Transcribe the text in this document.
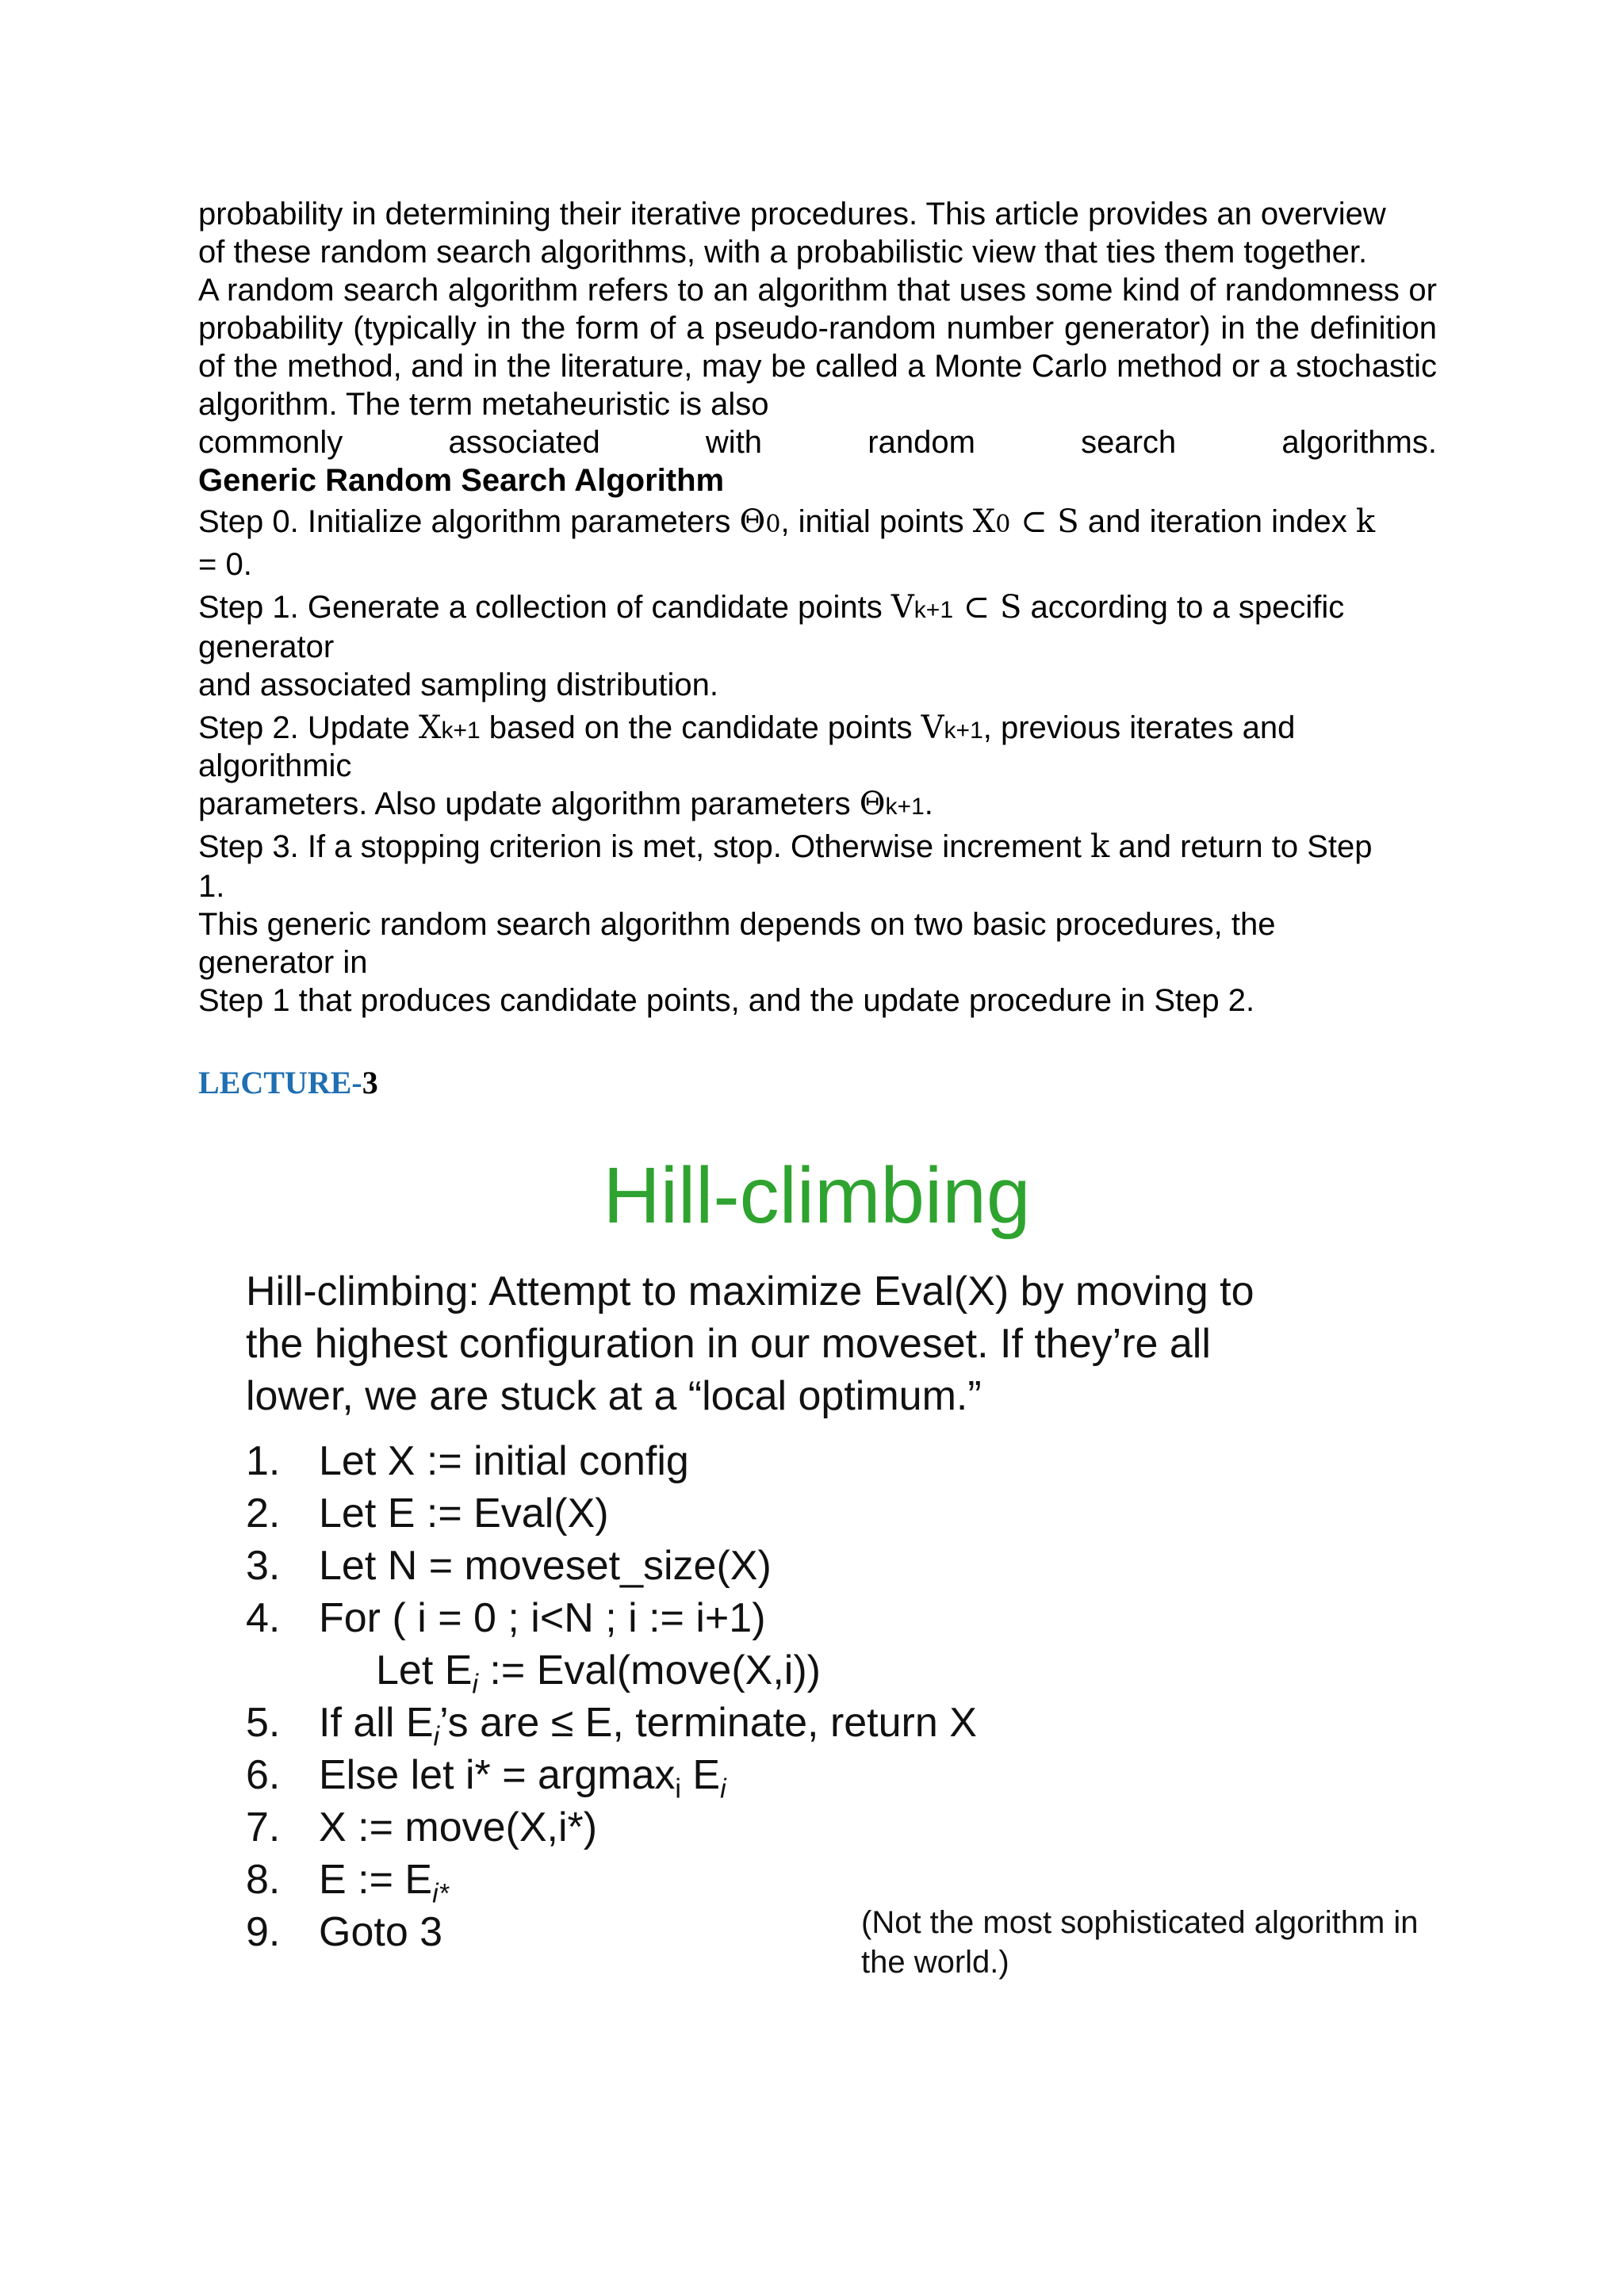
probability in determining their iterative procedures. This article provides an overview

of these random search algorithms, with a probabilistic view that ties them together.

A random search algorithm refers to an algorithm that uses some kind of randomness or probability (typically in the form of a pseudo-random number generator) in the definition of the method, and in the literature, may be called a Monte Carlo method or a stochastic algorithm. The term metaheuristic is also

commonly associated with random search algorithms.

Generic Random Search Algorithm

Step 0. Initialize algorithm parameters Θ0, initial points X0 ⊂ S and iteration index k
= 0.
Step 1. Generate a collection of candidate points Vk+1 ⊂ S according to a specific
generator
and associated sampling distribution.
Step 2. Update Xk+1 based on the candidate points Vk+1, previous iterates and
algorithmic
parameters. Also update algorithm parameters Θk+1.
Step 3. If a stopping criterion is met, stop. Otherwise increment k and return to Step
1.
This generic random search algorithm depends on two basic procedures, the
generator in
Step 1 that produces candidate points, and the update procedure in Step 2.
LECTURE-3
Hill-climbing

Hill-climbing: Attempt to maximize Eval(X) by moving to

the highest configuration in our moveset. If they’re all

lower, we are stuck at a “local optimum.”

1. Let X := initial config
2. Let E := Eval(X)
3. Let N = moveset_size(X)
4. For ( i = 0 ; i<N ; i := i+1)
Let $E_i$ := Eval(move(X,i))
5. If all $E_i’s$ are ≤ E, terminate, return X
6. Else let i* = argmax$_i$ $E_i$
7. X := move(X,i*)
8. E := $E_{i*}$
9. Goto 3	(Not the most sophisticated algorithm in the world.)
